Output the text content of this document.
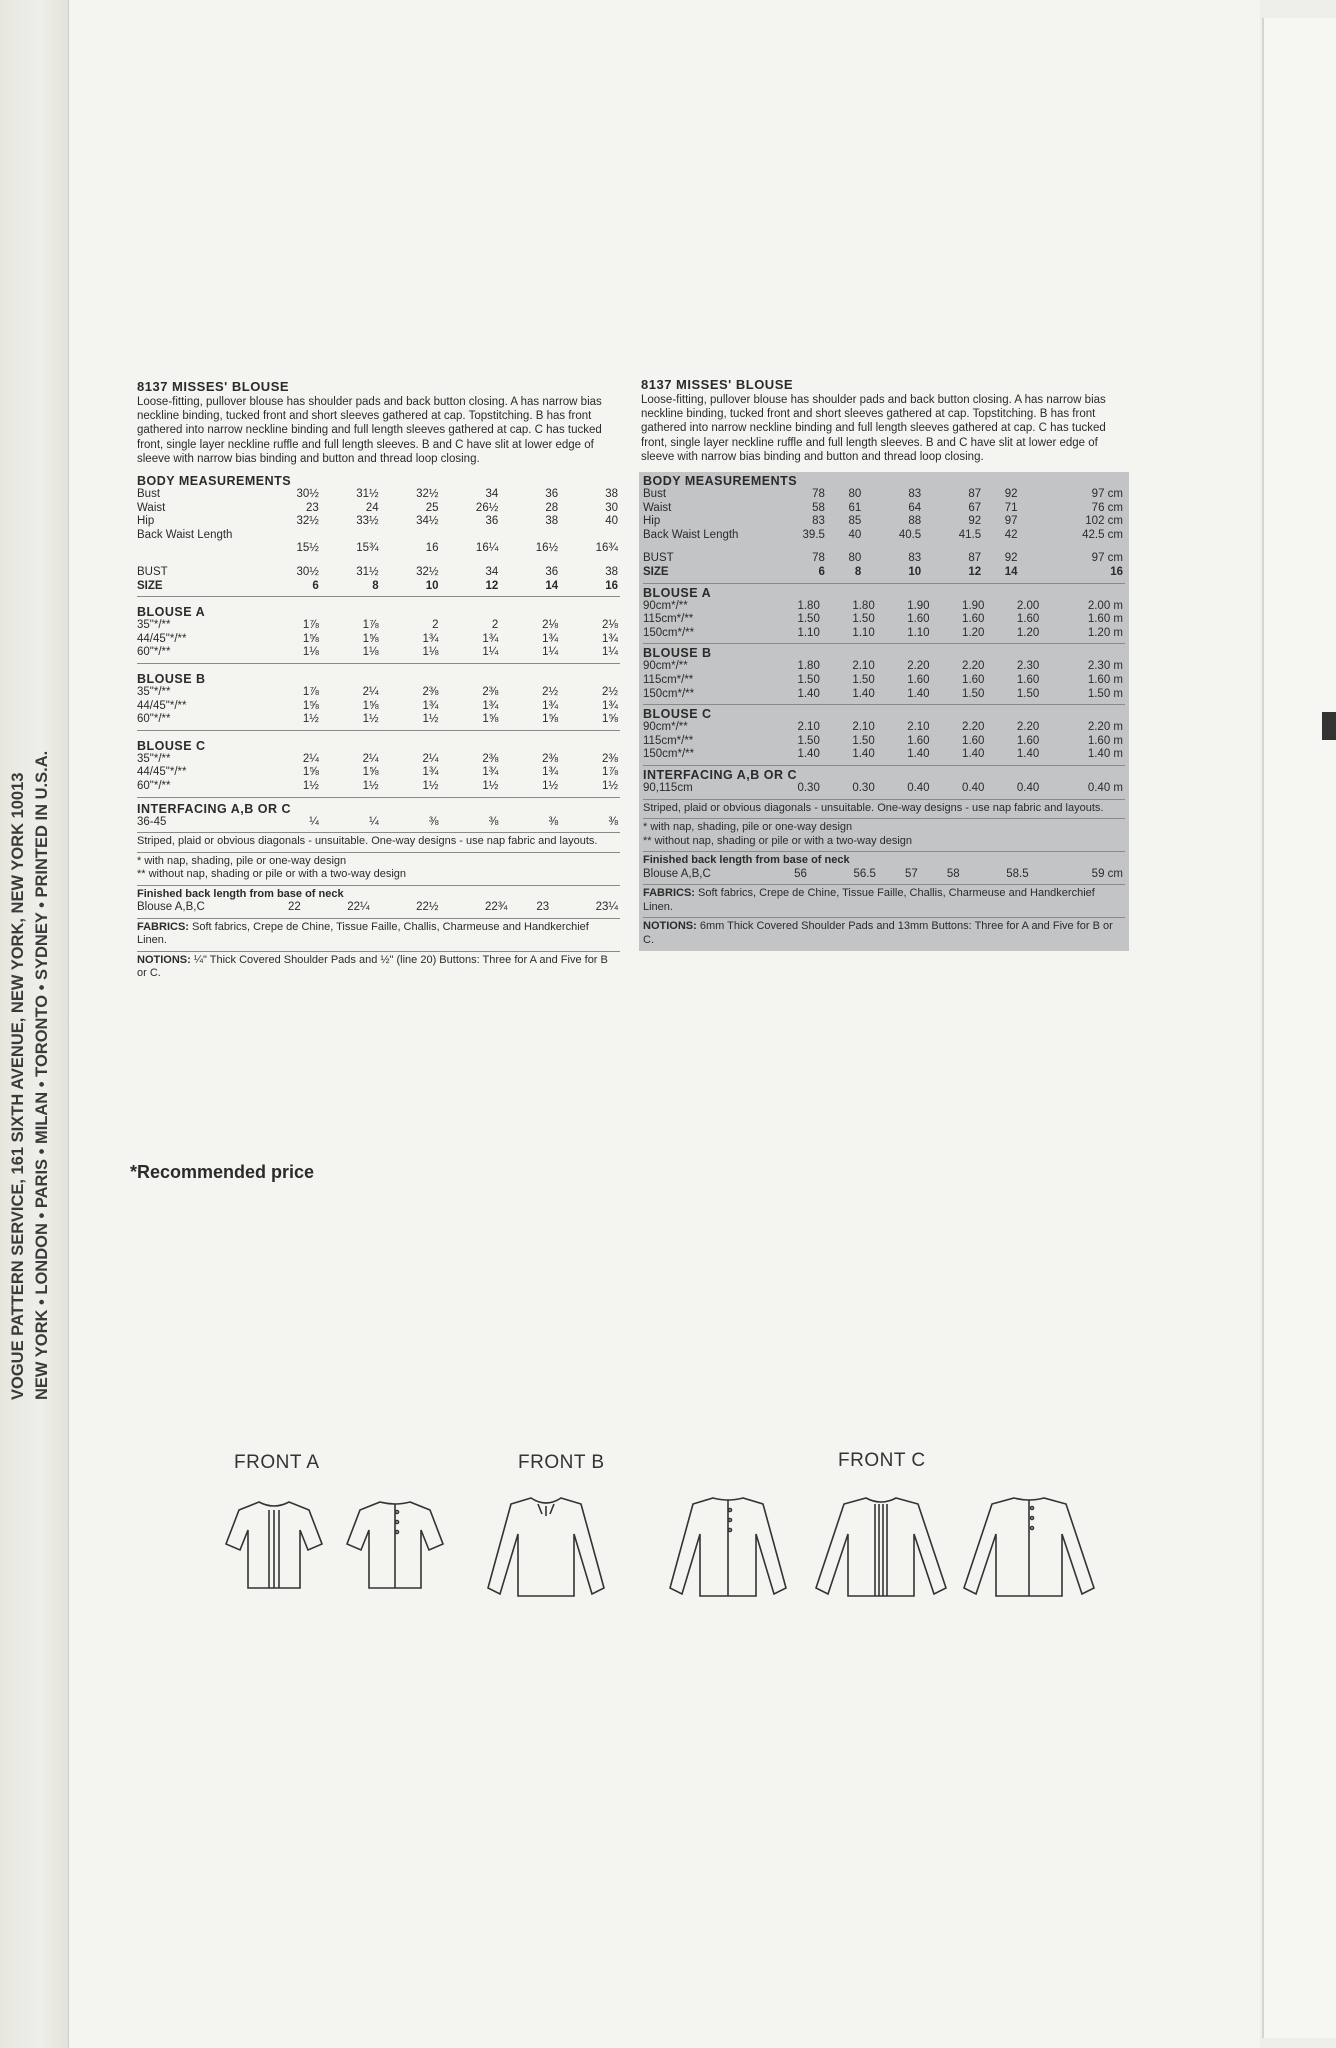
VOGUE PATTERN SERVICE, 161 SIXTH AVENUE, NEW YORK, NEW YORK 10013 NEW YORK • LONDON • PARIS • MILAN • TORONTO • SYDNEY • PRINTED IN U.S.A.
8137 MISSES' BLOUSE
Loose-fitting, pullover blouse has shoulder pads and back button closing. A has narrow bias neckline binding, tucked front and short sleeves gathered at cap. Topstitching. B has front gathered into narrow neckline binding and full length sleeves gathered at cap. C has tucked front, single layer neckline ruffle and full length sleeves. B and C have slit at lower edge of sleeve with narrow bias binding and button and thread loop closing.
BODY MEASUREMENTS
Bust	30½	31½	32½	34	36	38
Waist	23	24	25	26½	28	30
Hip	32½	33½	34½	36	38	40
Back Waist Length						
	15½	15¾	16	16¼	16½	16¾

BUST	30½	31½	32½	34	36	38
SIZE	6	8	10	12	14	16
BLOUSE A
35"*/**	1⅞	1⅞	2	2	2⅛	2⅛
44/45"*/**	1⅝	1⅝	1¾	1¾	1¾	1¾
60"*/**	1⅛	1⅛	1⅛	1¼	1¼	1¼
BLOUSE B
35"*/**	1⅞	2¼	2⅜	2⅜	2½	2½
44/45"*/**	1⅝	1⅝	1¾	1¾	1¾	1¾
60"*/**	1½	1½	1½	1⅝	1⅝	1⅝
BLOUSE C
35"*/**	2¼	2¼	2¼	2⅜	2⅜	2⅜
44/45"*/**	1⅝	1⅝	1¾	1¾	1¾	1⅞
60"*/**	1½	1½	1½	1½	1½	1½
INTERFACING A,B OR C
36-45	¼	¼	⅜	⅜	⅜	⅜
Striped, plaid or obvious diagonals - unsuitable. One-way designs - use nap fabric and layouts.
* with nap, shading, pile or one-way design
** without nap, shading or pile or with a two-way design
Finished back length from base of neck
Blouse A,B,C	22	22¼	22½	22¾	23	23¼
FABRICS: Soft fabrics, Crepe de Chine, Tissue Faille, Challis, Charmeuse and Handkerchief Linen.
NOTIONS: ¼" Thick Covered Shoulder Pads and ½" (line 20) Buttons: Three for A and Five for B or C.
8137 MISSES' BLOUSE
Loose-fitting, pullover blouse has shoulder pads and back button closing. A has narrow bias neckline binding, tucked front and short sleeves gathered at cap. Topstitching. B has front gathered into narrow neckline binding and full length sleeves gathered at cap. C has tucked front, single layer neckline ruffle and full length sleeves. B and C have slit at lower edge of sleeve with narrow bias binding and button and thread loop closing.
BODY MEASUREMENTS
Bust	78	80	83	87	92	97 cm
Waist	58	61	64	67	71	76 cm
Hip	83	85	88	92	97	102 cm
Back Waist Length	39.5	40	40.5	41.5	42	42.5 cm

BUST	78	80	83	87	92	97 cm
SIZE	6	8	10	12	14	16
BLOUSE A
90cm*/**	1.80	1.80	1.90	1.90	2.00	2.00 m
115cm*/**	1.50	1.50	1.60	1.60	1.60	1.60 m
150cm*/**	1.10	1.10	1.10	1.20	1.20	1.20 m
BLOUSE B
90cm*/**	1.80	2.10	2.20	2.20	2.30	2.30 m
115cm*/**	1.50	1.50	1.60	1.60	1.60	1.60 m
150cm*/**	1.40	1.40	1.40	1.50	1.50	1.50 m
BLOUSE C
90cm*/**	2.10	2.10	2.10	2.20	2.20	2.20 m
115cm*/**	1.50	1.50	1.60	1.60	1.60	1.60 m
150cm*/**	1.40	1.40	1.40	1.40	1.40	1.40 m
INTERFACING A,B OR C
90,115cm	0.30	0.30	0.40	0.40	0.40	0.40 m
Striped, plaid or obvious diagonals - unsuitable. One-way designs - use nap fabric and layouts.
* with nap, shading, pile or one-way design
** without nap, shading or pile or with a two-way design
Finished back length from base of neck
Blouse A,B,C	56	56.5	57	58	58.5	59 cm
FABRICS: Soft fabrics, Crepe de Chine, Tissue Faille, Challis, Charmeuse and Handkerchief Linen.
NOTIONS: 6mm Thick Covered Shoulder Pads and 13mm Buttons: Three for A and Five for B or C.
*Recommended price
FRONT A	FRONT B	FRONT C
